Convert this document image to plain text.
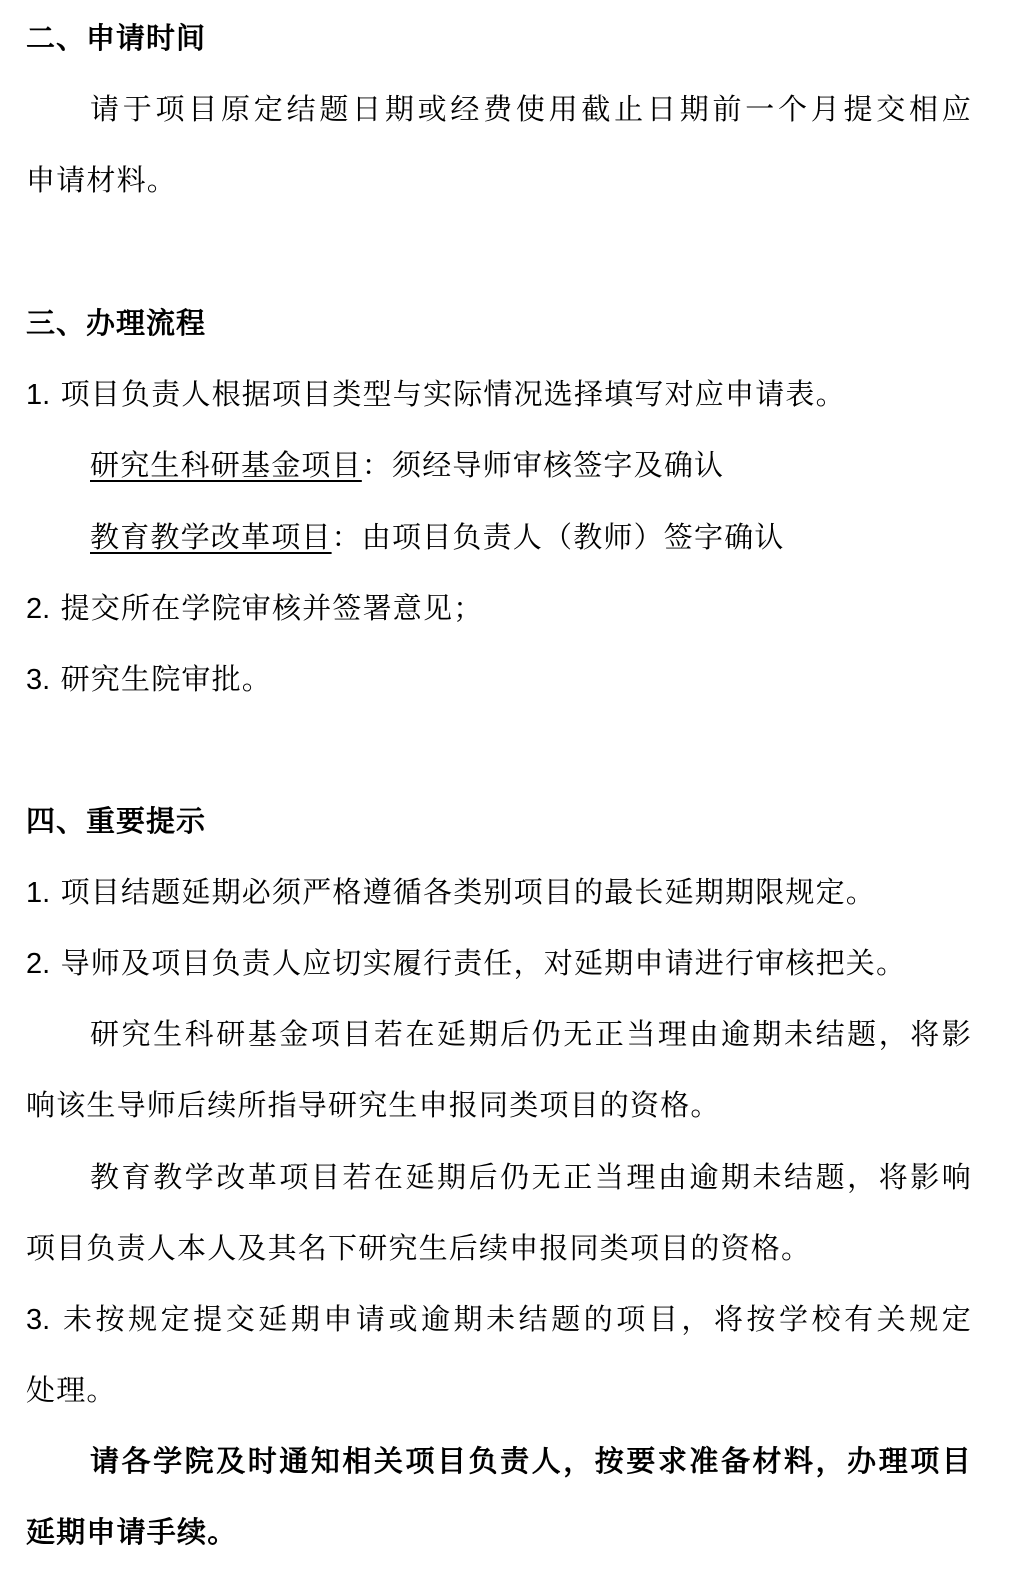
二、申请时间
请于项目原定结题日期或经费使用截止日期前一个月提交相应
申请材料。
三、办理流程
1. 项目负责人根据项目类型与实际情况选择填写对应申请表。
研究生科研基金项目：须经导师审核签字及确认
教育教学改革项目：由项目负责人（教师）签字确认
2. 提交所在学院审核并签署意见；
3. 研究生院审批。
四、重要提示
1. 项目结题延期必须严格遵循各类别项目的最长延期期限规定。
2. 导师及项目负责人应切实履行责任，对延期申请进行审核把关。
研究生科研基金项目若在延期后仍无正当理由逾期未结题，将影
响该生导师后续所指导研究生申报同类项目的资格。
教育教学改革项目若在延期后仍无正当理由逾期未结题，将影响
项目负责人本人及其名下研究生后续申报同类项目的资格。
3. 未按规定提交延期申请或逾期未结题的项目，将按学校有关规定
处理。
请各学院及时通知相关项目负责人，按要求准备材料，办理项目
延期申请手续。
